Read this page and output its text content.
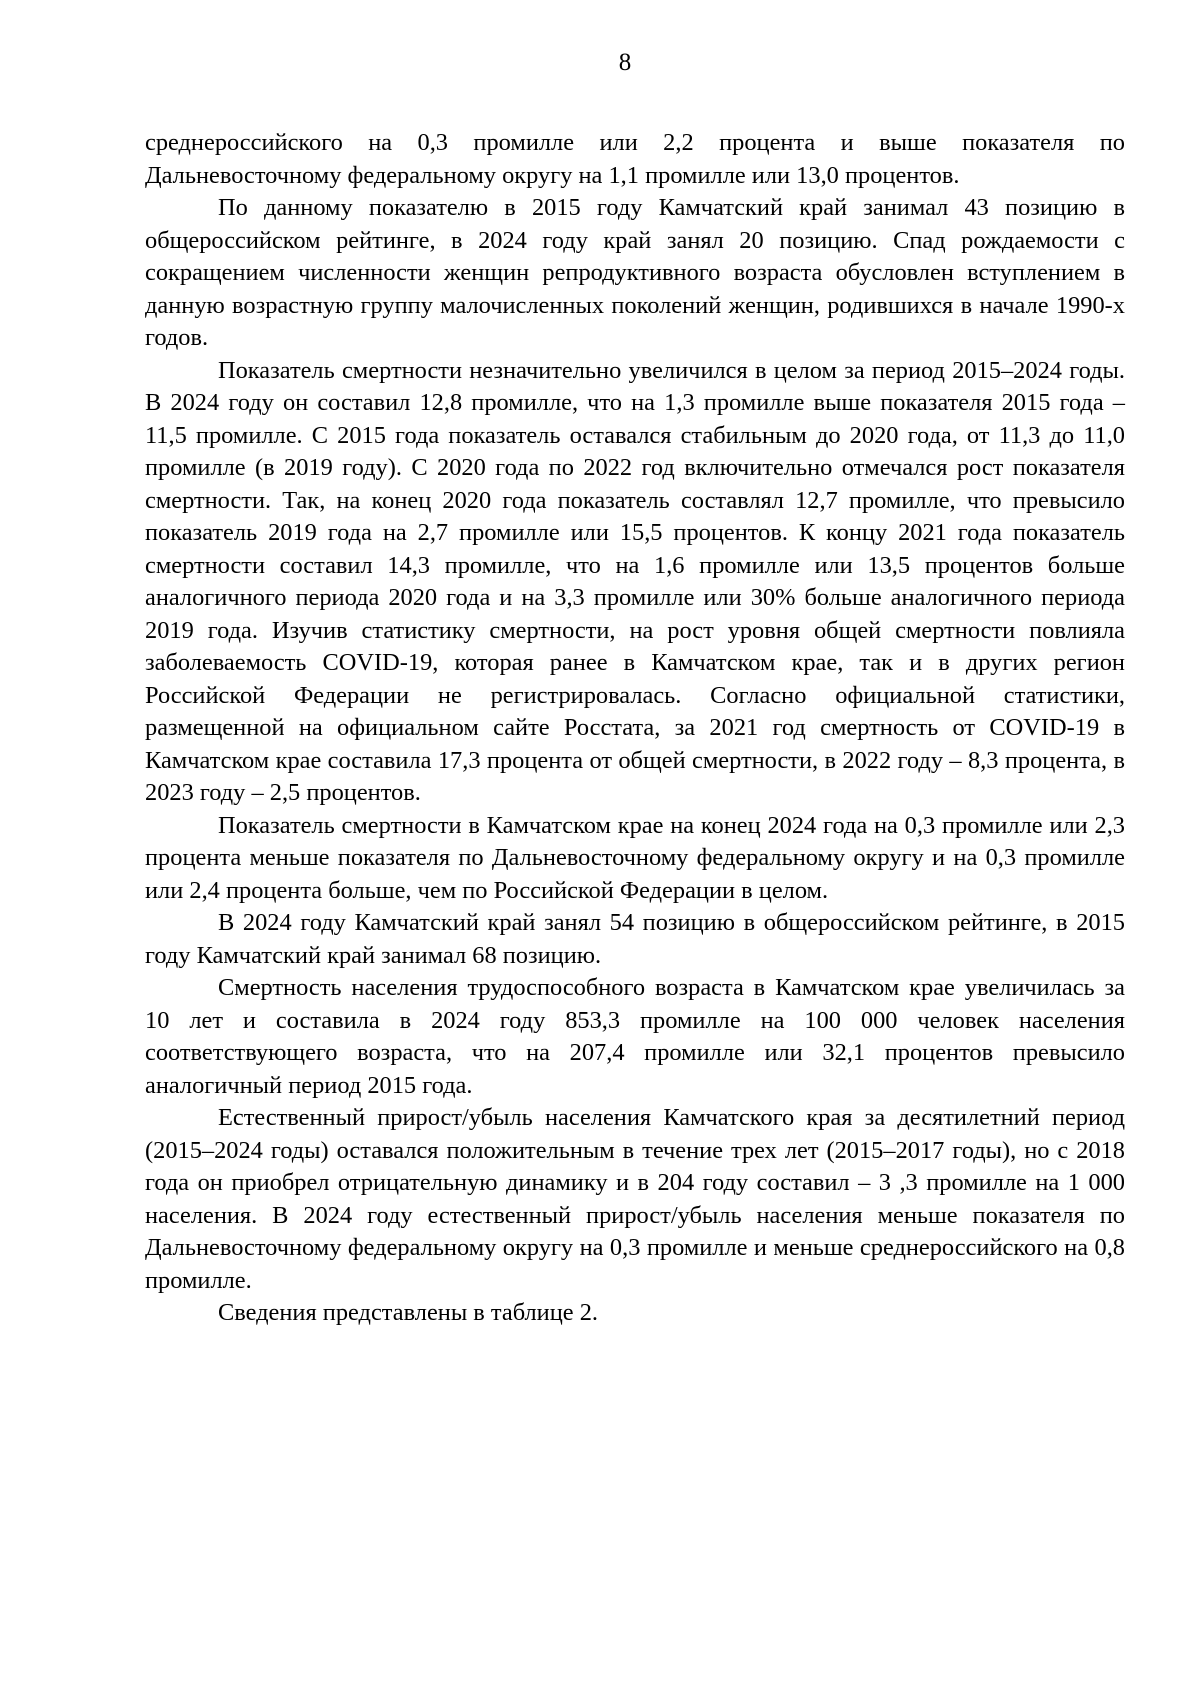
8

среднероссийского на 0,3 промилле или 2,2 процента и выше показателя по Дальневосточному федеральному округу на 1,1 промилле или 13,0 процентов.

По данному показателю в 2015 году Камчатский край занимал 43 позицию в общероссийском рейтинге, в 2024 году край занял 20 позицию. Спад рождаемости с сокращением численности женщин репродуктивного возраста обусловлен вступлением в данную возрастную группу малочисленных поколений женщин, родившихся в начале 1990-х годов.

Показатель смертности незначительно увеличился в целом за период 2015–2024 годы. В 2024 году он составил 12,8 промилле, что на 1,3 промилле выше показателя 2015 года – 11,5 промилле. С 2015 года показатель оставался стабильным до 2020 года, от 11,3 до 11,0 промилле (в 2019 году). С 2020 года по 2022 год включительно отмечался рост показателя смертности. Так, на конец 2020 года показатель составлял 12,7 промилле, что превысило показатель 2019 года на 2,7 промилле или 15,5 процентов. К концу 2021 года показатель смертности составил 14,3 промилле, что на 1,6 промилле или 13,5 процентов больше аналогичного периода 2020 года и на 3,3 промилле или 30% больше аналогичного периода 2019 года. Изучив статистику смертности, на рост уровня общей смертности повлияла заболеваемость COVID-19, которая ранее в Камчатском крае, так и в других регион Российской Федерации не регистрировалась. Согласно официальной статистики, размещенной на официальном сайте Росстата, за 2021 год смертность от COVID-19 в Камчатском крае составила 17,3 процента от общей смертности, в 2022 году – 8,3 процента, в 2023 году – 2,5 процентов.

Показатель смертности в Камчатском крае на конец 2024 года на 0,3 промилле или 2,3 процента меньше показателя по Дальневосточному федеральному округу и на 0,3 промилле или 2,4 процента больше, чем по Российской Федерации в целом.

В 2024 году Камчатский край занял 54 позицию в общероссийском рейтинге, в 2015 году Камчатский край занимал 68 позицию.

Смертность населения трудоспособного возраста в Камчатском крае увеличилась за 10 лет и составила в 2024 году 853,3 промилле на 100 000 человек населения соответствующего возраста, что на 207,4 промилле или 32,1 процентов превысило аналогичный период 2015 года.

Естественный прирост/убыль населения Камчатского края за десятилетний период (2015–2024 годы) оставался положительным в течение трех лет (2015–2017 годы), но с 2018 года он приобрел отрицательную динамику и в 204 году составил – 3 ,3 промилле на 1 000 населения. В 2024 году естественный прирост/убыль населения меньше показателя по Дальневосточному федеральному округу на 0,3 промилле и меньше среднероссийского на 0,8 промилле.

Сведения представлены в таблице 2.
